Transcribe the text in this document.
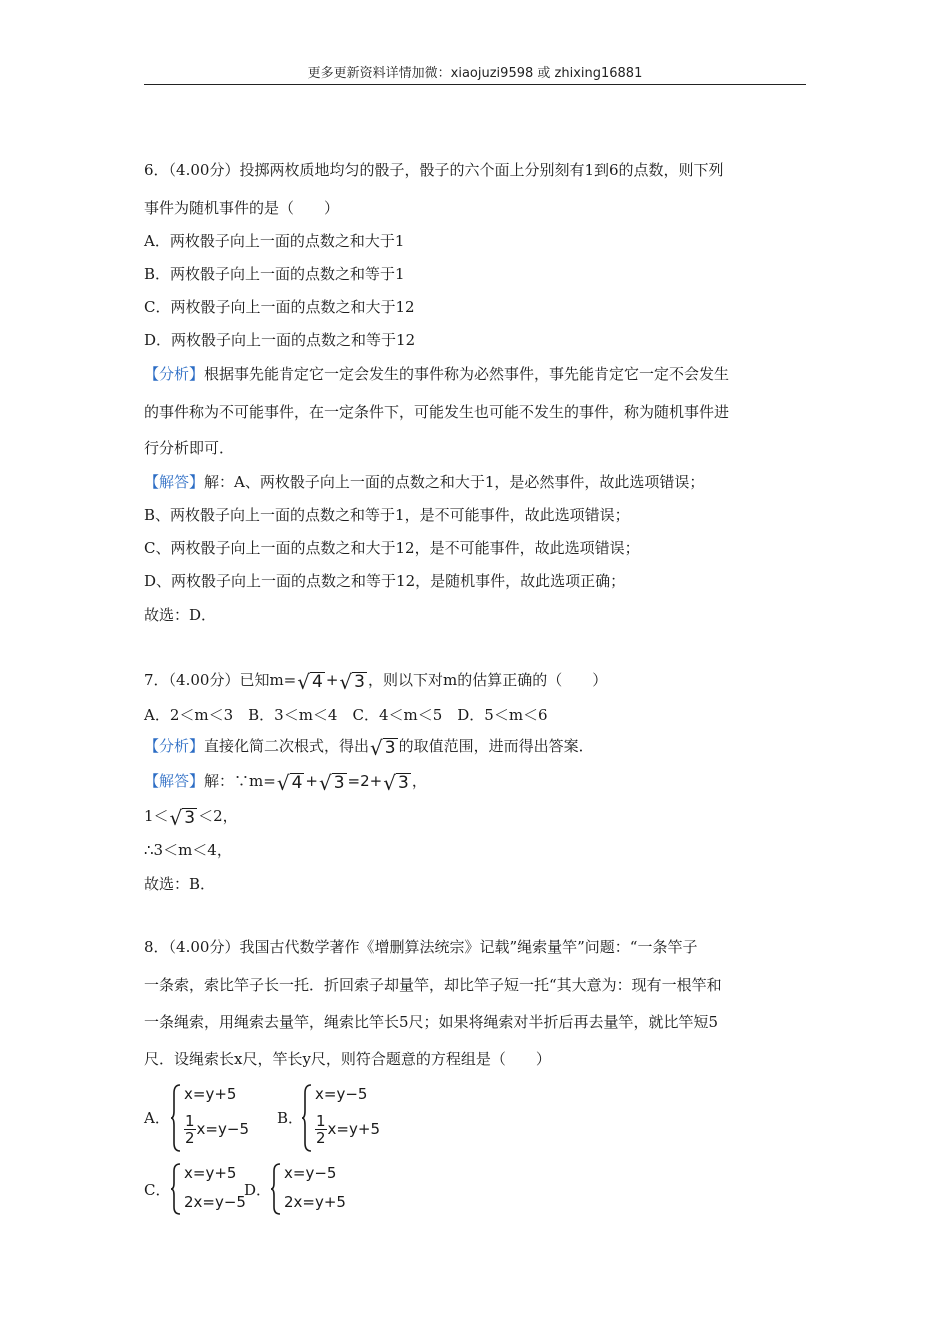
更多更新资料详情加微：xiaojuzi9598 或 zhixing16881
6．（4.00分）投掷两枚质地均匀的骰子，骰子的六个面上分别刻有1到6的点数，则下列
事件为随机事件的是（　　）
A．两枚骰子向上一面的点数之和大于1
B．两枚骰子向上一面的点数之和等于1
C．两枚骰子向上一面的点数之和大于12
D．两枚骰子向上一面的点数之和等于12
【分析】根据事先能肯定它一定会发生的事件称为必然事件，事先能肯定它一定不会发生
的事件称为不可能事件，在一定条件下，可能发生也可能不发生的事件，称为随机事件进
行分析即可．
【解答】解：A、两枚骰子向上一面的点数之和大于1，是必然事件，故此选项错误；
B、两枚骰子向上一面的点数之和等于1，是不可能事件，故此选项错误；
C、两枚骰子向上一面的点数之和大于12，是不可能事件，故此选项错误；
D、两枚骰子向上一面的点数之和等于12，是随机事件，故此选项正确；
故选：D．
7．（4.00分）已知m= √ 4 + √ 3 ，则以下对m的估算正确的（　　）
A．2＜m＜3　B．3＜m＜4　C．4＜m＜5　D．5＜m＜6
【分析】直接化简二次根式，得出 √ 3 的取值范围，进而得出答案．
【解答】解：∵m= √ 4 + √ 3 =2+ √ 3 ，
1＜ √ 3 ＜2，
∴3＜m＜4，
故选：B．
8．（4.00分）我国古代数学著作《增删算法统宗》记载”绳索量竿”问题：“一条竿子
一条索，索比竿子长一托．折回索子却量竿，却比竿子短一托“其大意为：现有一根竿和
一条绳索，用绳索去量竿，绳索比竿长5尺；如果将绳索对半折后再去量竿，就比竿短5
尺．设绳索长x尺，竿长y尺，则符合题意的方程组是（　　）
A．
x=y+5
$\frac{1}{2} x=y-5$
B．
x=y−5
$\frac{1}{2} x=y+5$
C．
x=y+5
2x=y−5
D．
x=y−5
2x=y+5
